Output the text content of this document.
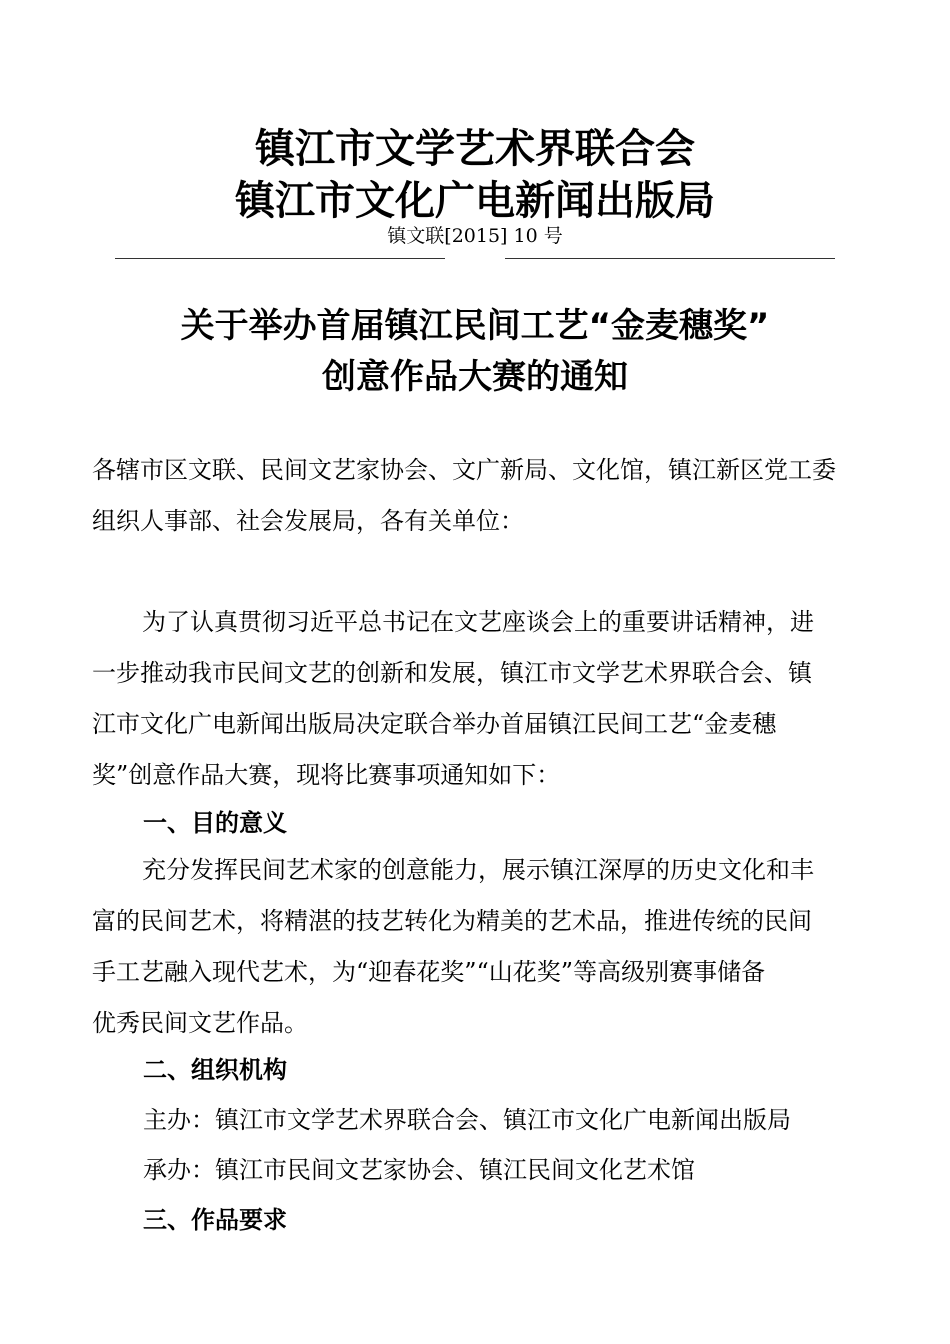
镇江市文学艺术界联合会
镇江市文化广电新闻出版局
镇文联[2015] 10 号
关于举办首届镇江民间工艺“金麦穗奖”
创意作品大赛的通知
各辖市区文联、民间文艺家协会、文广新局、文化馆，镇江新区党工委
组织人事部、社会发展局，各有关单位：
为了认真贯彻习近平总书记在文艺座谈会上的重要讲话精神，进
一步推动我市民间文艺的创新和发展，镇江市文学艺术界联合会、镇
江市文化广电新闻出版局决定联合举办首届镇江民间工艺“金麦穗
奖”创意作品大赛，现将比赛事项通知如下：
一、目的意义
充分发挥民间艺术家的创意能力，展示镇江深厚的历史文化和丰
富的民间艺术，将精湛的技艺转化为精美的艺术品，推进传统的民间
手工艺融入现代艺术，为“迎春花奖”“山花奖”等高级别赛事储备
优秀民间文艺作品。
二、组织机构
主办：镇江市文学艺术界联合会、镇江市文化广电新闻出版局
承办：镇江市民间文艺家协会、镇江民间文化艺术馆
三、作品要求
